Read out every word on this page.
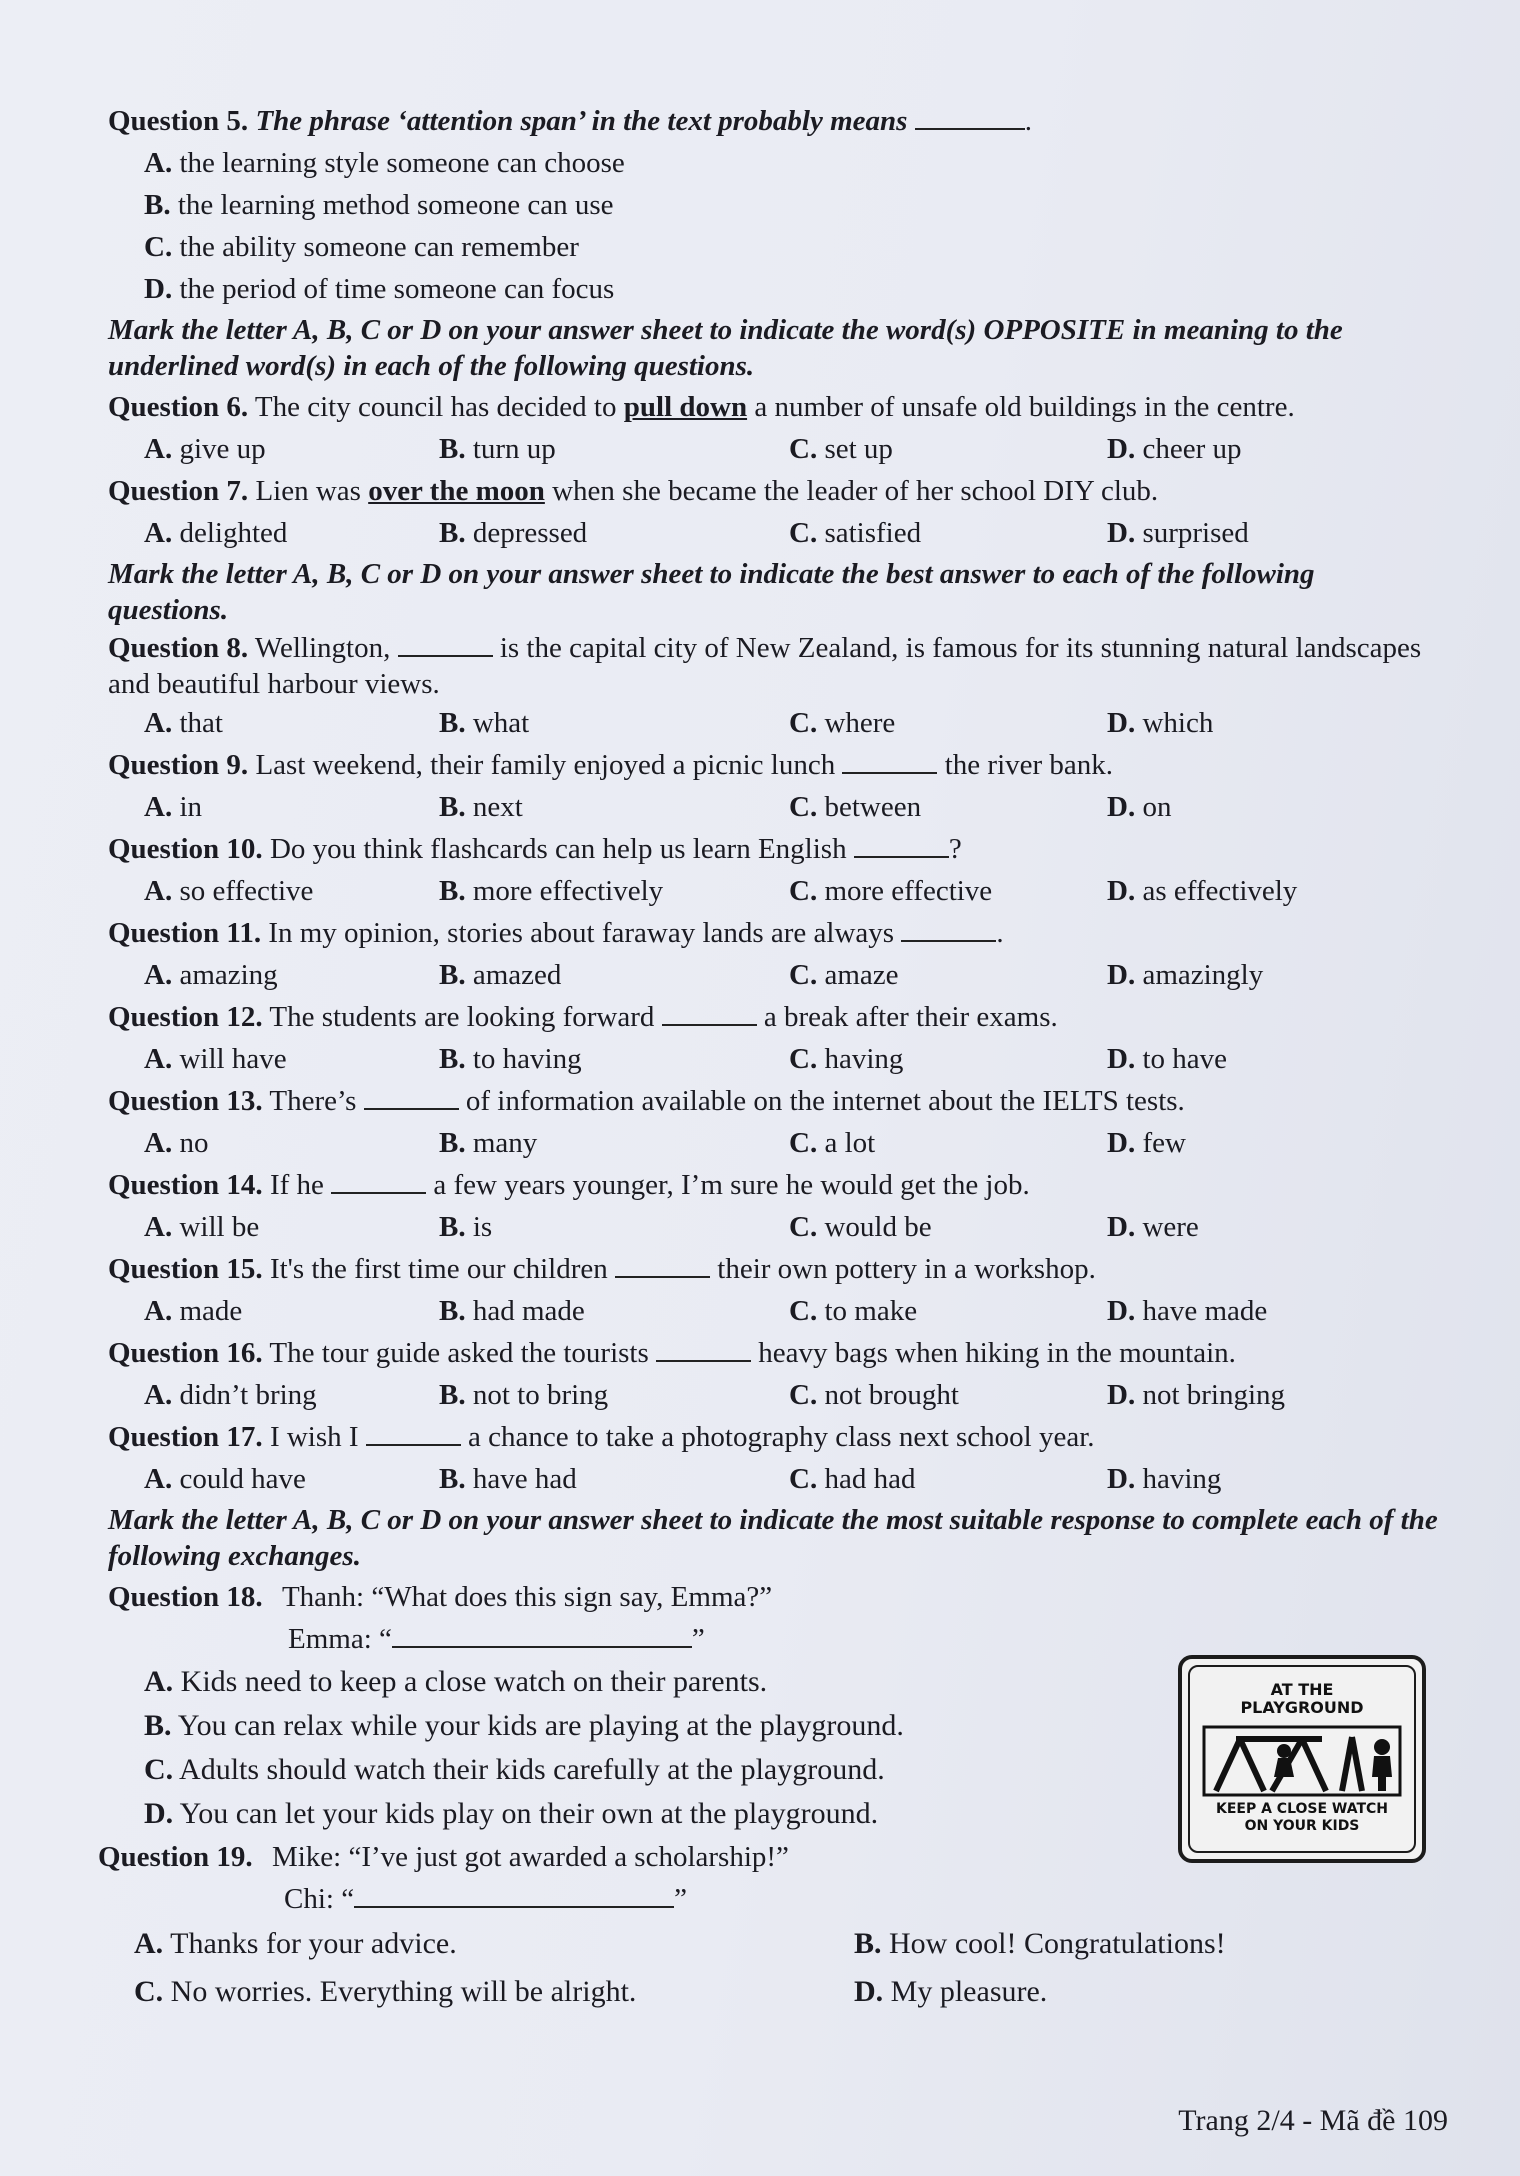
Question 5. The phrase ‘attention span’ in the text probably means	.

A. the learning style someone can choose
B. the learning method someone can use
C. the ability someone can remember
D. the period of time someone can focus

Mark the letter A, B, C or D on your answer sheet to indicate the word(s) OPPOSITE in meaning to the underlined word(s) in each of the following questions.

Question 6. The city council has decided to pull down a number of unsafe old buildings in the centre.

A. give up	B. turn up	C. set up	D. cheer up

Question 7. Lien was over the moon when she became the leader of her school DIY club.

A. delighted	B. depressed	C. satisfied	D. surprised

Mark the letter A, B, C or D on your answer sheet to indicate the best answer to each of the following questions.

Question 8. Wellington,	is the capital city of New Zealand, is famous for its stunning natural landscapes and beautiful harbour views.

A. that	B. what	C. where	D. which

Question 9. Last weekend, their family enjoyed a picnic lunch	the river bank.

A. in	B. next	C. between	D. on

Question 10. Do you think flashcards can help us learn English	?

A. so effective	B. more effectively	C. more effective	D. as effectively

Question 11. In my opinion, stories about faraway lands are always	.

A. amazing	B. amazed	C. amaze	D. amazingly

Question 12. The students are looking forward	a break after their exams.

A. will have	B. to having	C. having	D. to have

Question 13. There’s	of information available on the internet about the IELTS tests.

A. no	B. many	C. a lot	D. few

Question 14. If he	a few years younger, I’m sure he would get the job.

A. will be	B. is	C. would be	D. were

Question 15. It's the first time our children	their own pottery in a workshop.

A. made	B. had made	C. to make	D. have made

Question 16. The tour guide asked the tourists	heavy bags when hiking in the mountain.

A. didn’t bring	B. not to bring	C. not brought	D. not bringing

Question 17. I wish I	a chance to take a photography class next school year.

A. could have	B. have had	C. had had	D. having

Mark the letter A, B, C or D on your answer sheet to indicate the most suitable response to complete each of the following exchanges.

Question 18. Thanh: “What does this sign say, Emma?”

Emma: “	”

A. Kids need to keep a close watch on their parents.
B. You can relax while your kids are playing at the playground.
C. Adults should watch their kids carefully at the playground.
D. You can let your kids play on their own at the playground.

Question 19. Mike: “I’ve just got awarded a scholarship!”

Chi: “	”

A. Thanks for your advice.	B. How cool! Congratulations!
C. No worries. Everything will be alright.	D. My pleasure.
AT THE
PLAYGROUND
KEEP A CLOSE WATCH
ON YOUR KIDS
Trang 2/4 - Mã đề 109
